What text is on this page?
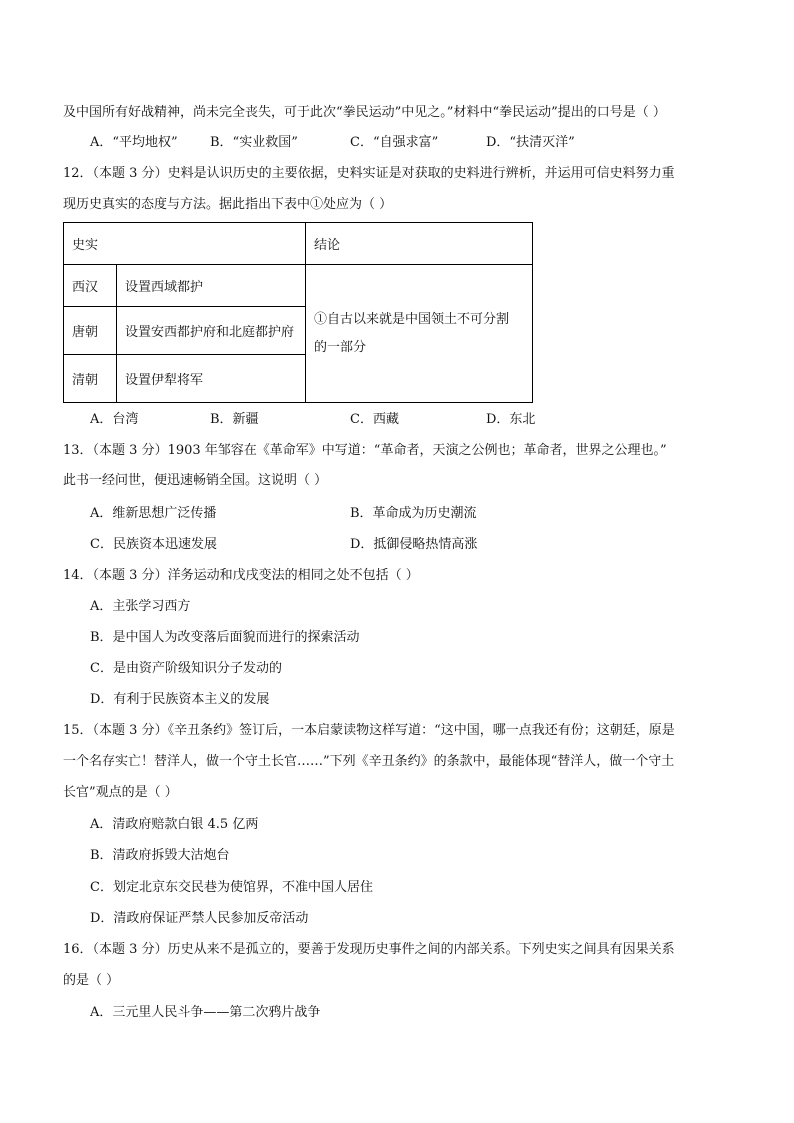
及中国所有好战精神，尚未完全丧失，可于此次“拳民运动”中见之。”材料中“拳民运动”提出的口号是（ ）
A．“平均地权” B．“实业救国”	C．“自强求富”	D．“扶清灭洋”
12．（本题 3 分）史料是认识历史的主要依据，史料实证是对获取的史料进行辨析，并运用可信史料努力重
现历史真实的态度与方法。据此指出下表中①处应为（ ）
史实		结论
西汉	设置西域都护	①自古以来就是中国领土不可分割
的一部分

唐朝	设置安西都护府和北庭都护府	
清朝	设置伊犁将军	
A．台湾	B．新疆	C．西藏	D．东北
13．（本题 3 分）1903 年邹容在《革命军》中写道：“革命者，天演之公例也；革命者，世界之公理也。”
此书一经问世，便迅速畅销全国。这说明（ ）
A．维新思想广泛传播	B．革命成为历史潮流
C．民族资本迅速发展	D．抵御侵略热情高涨
14．（本题 3 分）洋务运动和戊戌变法的相同之处不包括（ ）
A．主张学习西方
B．是中国人为改变落后面貌而进行的探索活动
C．是由资产阶级知识分子发动的
D．有利于民族资本主义的发展
15．（本题 3 分）《辛丑条约》签订后，一本启蒙读物这样写道：“这中国，哪一点我还有份；这朝廷，原是
一个名存实亡！替洋人，做一个守土长官……”下列《辛丑条约》的条款中，最能体现“替洋人，做一个守土
长官”观点的是（ ）
A．清政府赔款白银 4.5 亿两
B．清政府拆毁大沽炮台
C．划定北京东交民巷为使馆界，不准中国人居住
D．清政府保证严禁人民参加反帝活动
16．（本题 3 分）历史从来不是孤立的，要善于发现历史事件之间的内部关系。下列史实之间具有因果关系
的是（ ）
A．三元里人民斗争——第二次鸦片战争
